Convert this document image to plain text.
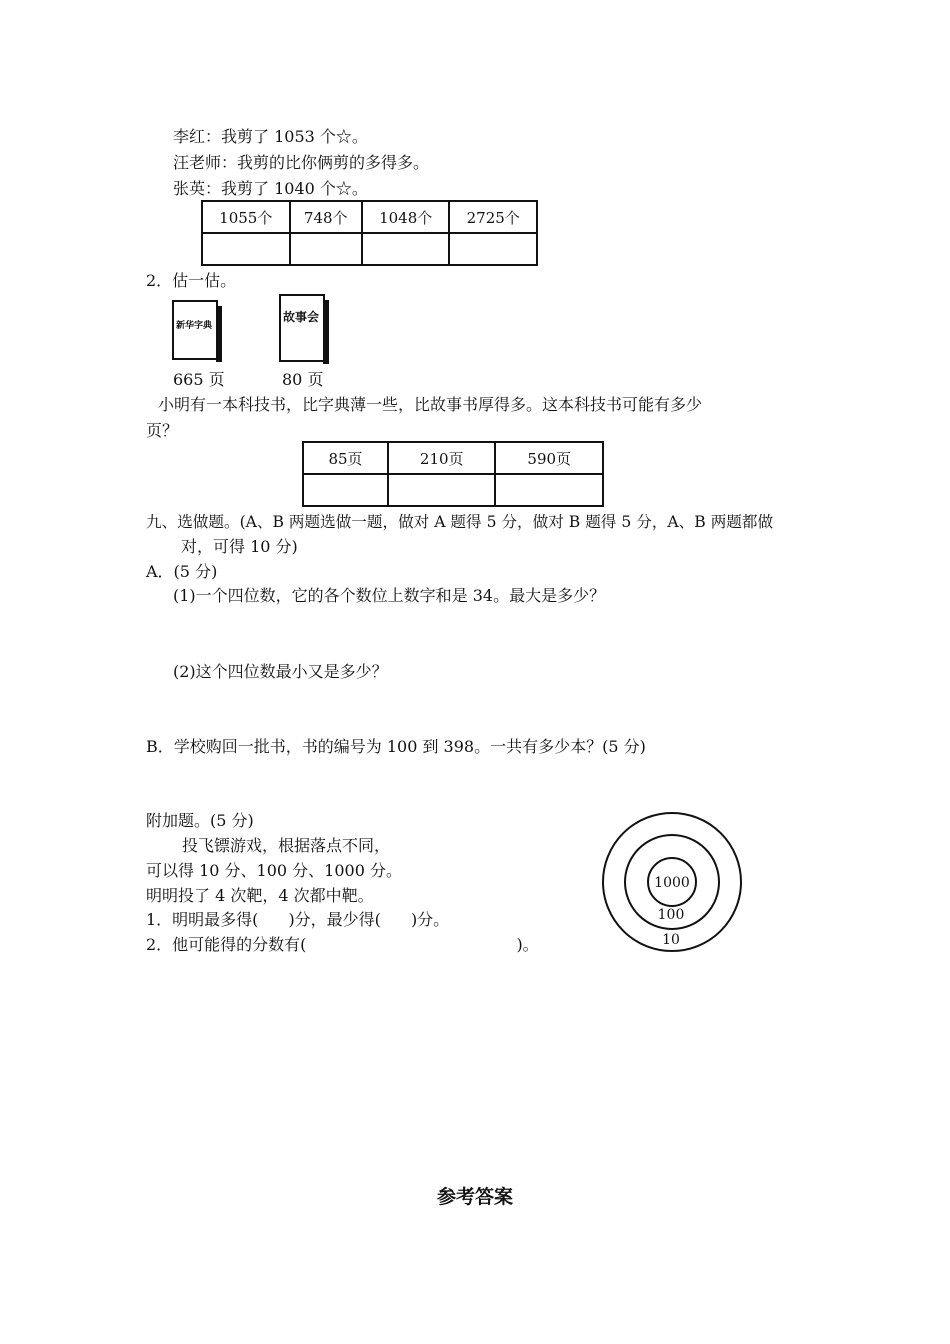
李红：我剪了 1053 个☆。
汪老师：我剪的比你俩剪的多得多。
张英：我剪了 1040 个☆。
1055个	748个	1048个	2725个

2．估一估。
新华字典
故事会
665 页	80 页
小明有一本科技书，比字典薄一些，比故事书厚得多。这本科技书可能有多少
页？
85页	210页	590页

九、选做题。(A、B 两题选做一题，做对 A 题得 5 分，做对 B 题得 5 分，A、B 两题都做
对，可得 10 分)
A．(5 分)
(1)一个四位数，它的各个数位上数字和是 34。最大是多少？
(2)这个四位数最小又是多少？
B．学校购回一批书，书的编号为 100 到 398。一共有多少本？(5 分)
附加题。(5 分)
投飞镖游戏，根据落点不同，
可以得 10 分、100 分、1000 分。
明明投了 4 次靶，4 次都中靶。
1．明明最多得( )分，最少得( )分。
2．他可能得的分数有(	)。
1000
100
10
参考答案
